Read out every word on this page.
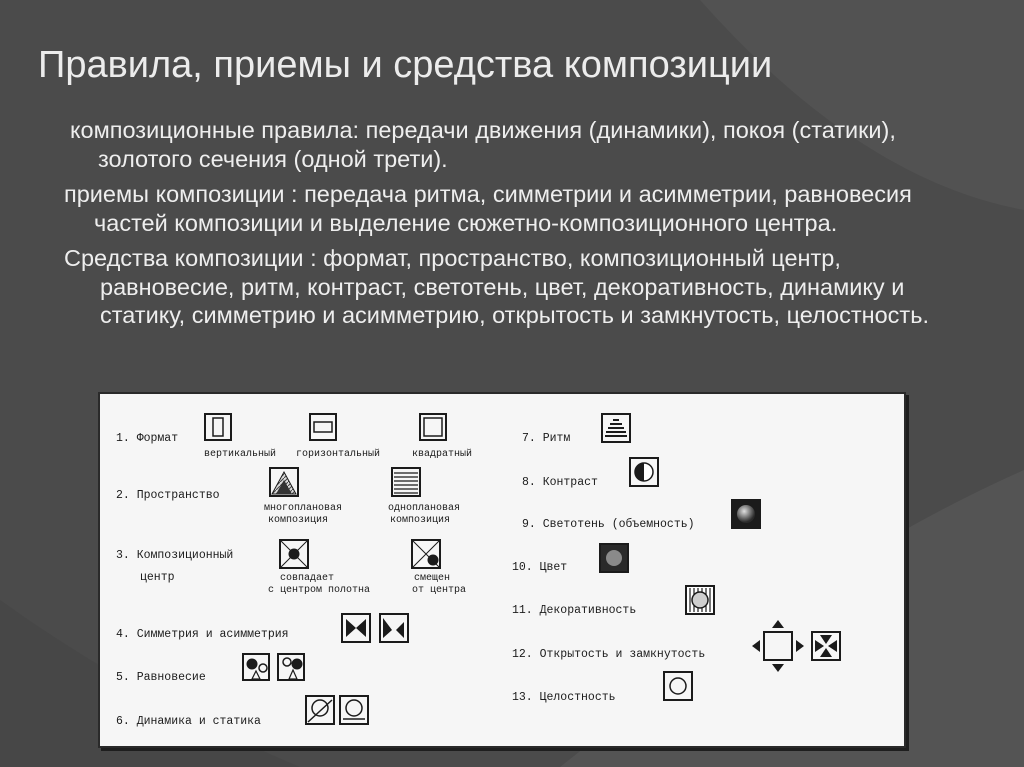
Правила, приемы и средства композиции

композиционные правила: передачи движения (динамики), покоя (статики), золотого сечения (одной трети).

приемы композиции : передача ритма, симметрии и асимметрии, равновесия частей композиции и выделение сюжетно-композиционного центра.

Средства композиции : формат, пространство, композиционный центр, равновесие, ритм, контраст, светотень, цвет, декоративность, динамику и статику, симметрию и асимметрию, открытость и замкнутость, целостность.

1. Формат
2. Пространство
3. Композиционный
центр
4. Симметрия и асимметрия
5. Равновесие
6. Динамика и статика
7. Ритм
8. Контраст
9. Светотень (объемность)
10. Цвет
11. Декоративность
12. Открытость и замкнутость
13. Целостность
вертикальный горизонтальный	квадратный
многоплановая
композиция
одноплановая
композиция
совпадает
с центром полотна
смещен
от центра
